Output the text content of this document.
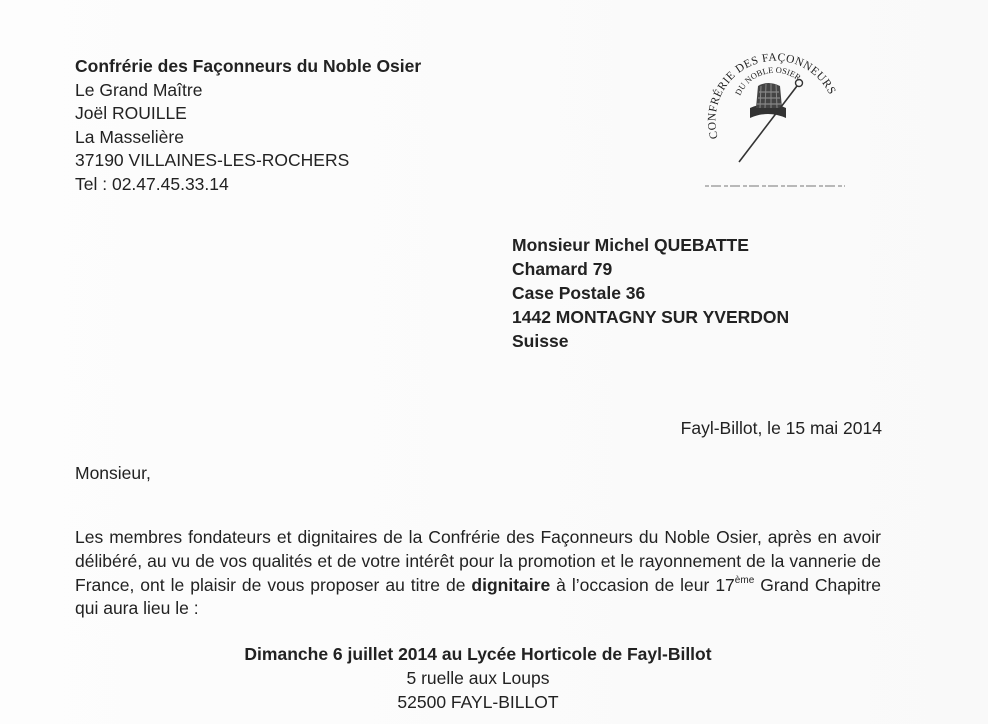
Confrérie des Façonneurs du Noble Osier
Le Grand Maître
Joël ROUILLE
La Masselière
37190 VILLAINES-LES-ROCHERS
Tel : 02.47.45.33.14
CONFRÉRIE DES FAÇONNEURS
DU NOBLE OSIER
Monsieur Michel QUEBATTE
Chamard 79
Case Postale 36
1442 MONTAGNY SUR YVERDON
Suisse
Fayl-Billot, le 15 mai 2014
Monsieur,

Les membres fondateurs et dignitaires de la Confrérie des Façonneurs du Noble Osier, après en avoir délibéré, au vu de vos qualités et de votre intérêt pour la promotion et le rayonnement de la vannerie de France, ont le plaisir de vous proposer au titre de dignitaire à l’occasion de leur 17ème Grand Chapitre qui aura lieu le :

Dimanche 6 juillet 2014 au Lycée Horticole de Fayl-Billot
5 ruelle aux Loups
52500 FAYL-BILLOT
